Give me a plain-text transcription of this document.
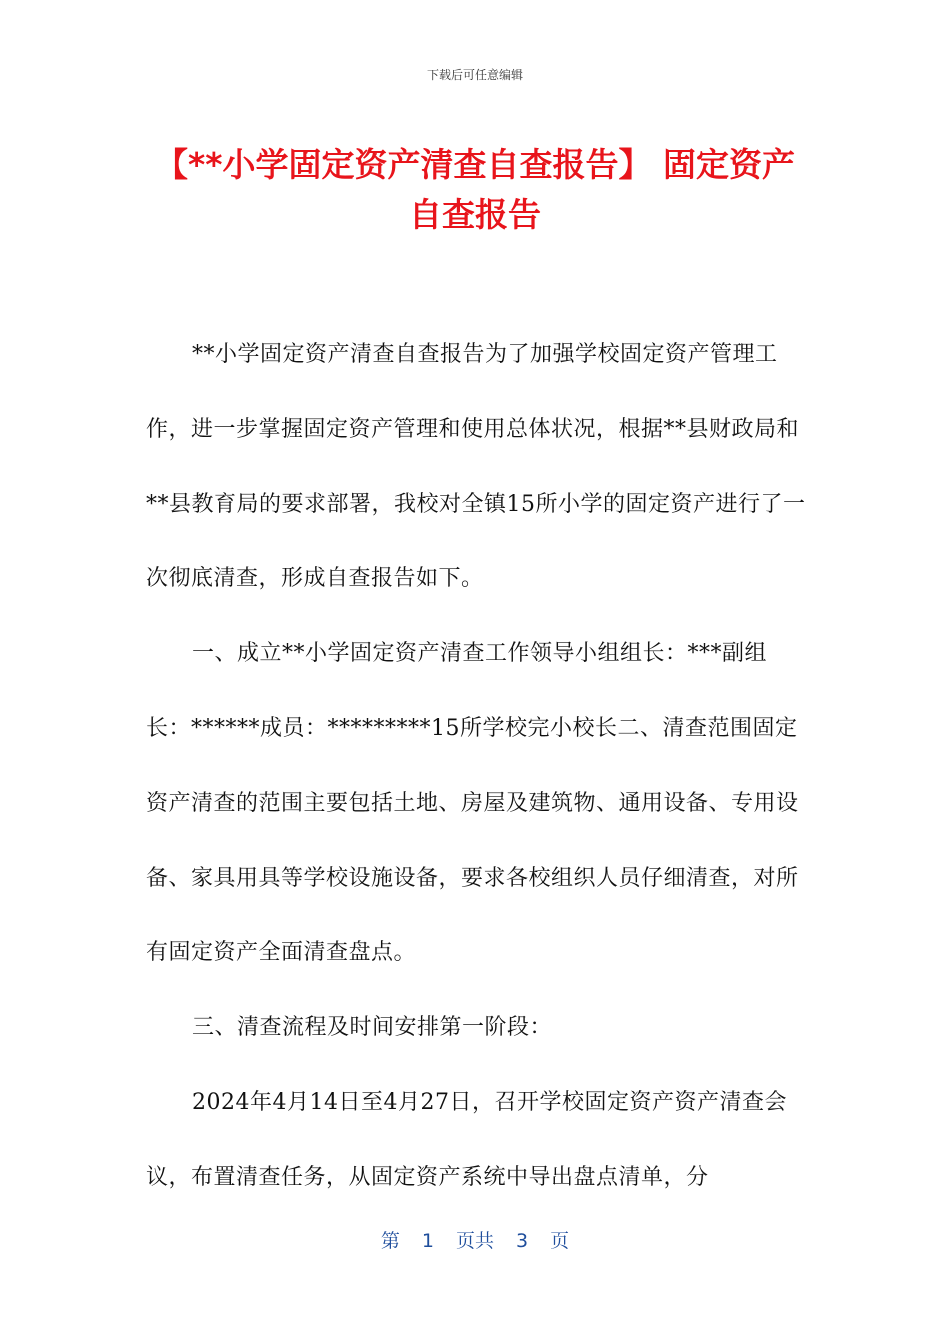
下载后可任意编辑
【**小学固定资产清查自查报告】 固定资产
自查报告

**小学固定资产清查自查报告为了加强学校固定资产管理工作，进一步掌握固定资产管理和使用总体状况，根据**县财政局和**县教育局的要求部署，我校对全镇15所小学的固定资产进行了一次彻底清查，形成自查报告如下。

一、成立**小学固定资产清查工作领导小组组长：***副组长：******成员：*********15所学校完小校长二、清查范围固定资产清查的范围主要包括土地、房屋及建筑物、通用设备、专用设备、家具用具等学校设施设备，要求各校组织人员仔细清查，对所有固定资产全面清查盘点。

三、清查流程及时间安排第一阶段：

2024年4月14日至4月27日，召开学校固定资产资产清查会议，布置清查任务，从固定资产系统中导出盘点清单，分

第 1 页共 3 页
